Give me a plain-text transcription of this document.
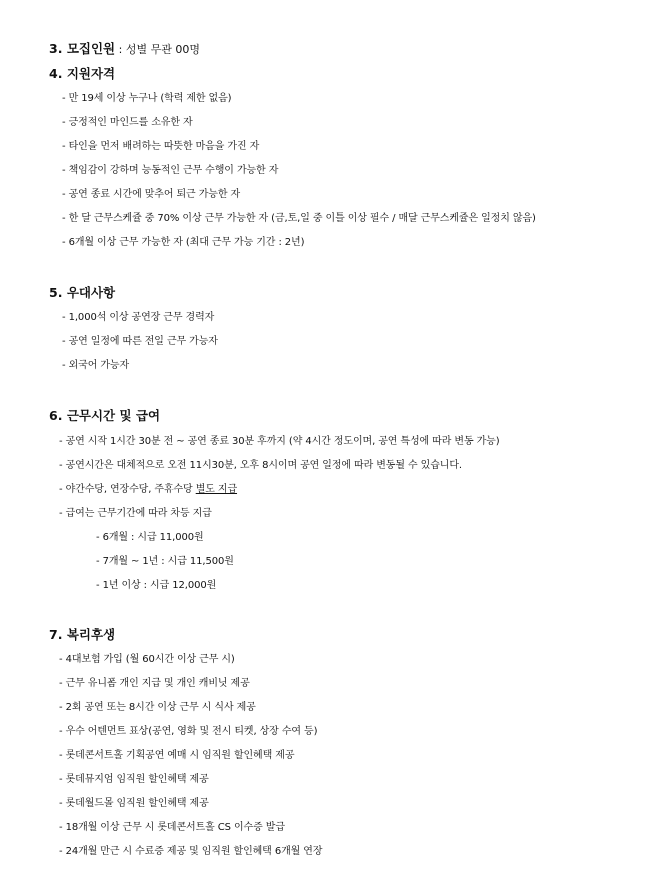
3. 모집인원 : 성별 무관 00명
4. 지원자격
- 만 19세 이상 누구나 (학력 제한 없음)
- 긍정적인 마인드를 소유한 자
- 타인을 먼저 배려하는 따뜻한 마음을 가진 자
- 책임감이 강하며 능동적인 근무 수행이 가능한 자
- 공연 종료 시간에 맞추어 퇴근 가능한 자
- 한 달 근무스케쥴 중 70% 이상 근무 가능한 자 (금,토,일 중 이틀 이상 필수 / 매달 근무스케쥴은 일정치 않음)
- 6개월 이상 근무 가능한 자 (최대 근무 가능 기간 : 2년)
5. 우대사항
- 1,000석 이상 공연장 근무 경력자
- 공연 일정에 따른 전일 근무 가능자
- 외국어 가능자
6. 근무시간 및 급여
- 공연 시작 1시간 30분 전 ~ 공연 종료 30분 후까지 (약 4시간 정도이며, 공연 특성에 따라 변동 가능)
- 공연시간은 대체적으로 오전 11시30분, 오후 8시이며 공연 일정에 따라 변동될 수 있습니다.
- 야간수당, 연장수당, 주휴수당 별도 지급
- 급여는 근무기간에 따라 차등 지급
- 6개월 : 시급 11,000원
- 7개월 ~ 1년 : 시급 11,500원
- 1년 이상 : 시급 12,000원
7. 복리후생
- 4대보험 가입 (월 60시간 이상 근무 시)
- 근무 유니폼 개인 지급 및 개인 캐비닛 제공
- 2회 공연 또는 8시간 이상 근무 시 식사 제공
- 우수 어텐먼트 표상(공연, 영화 및 전시 티켓, 상장 수여 등)
- 롯데콘서트홀 기획공연 예매 시 임직원 할인혜택 제공
- 롯데뮤지엄 임직원 할인혜택 제공
- 롯데월드몰 임직원 할인혜택 제공
- 18개월 이상 근무 시 롯데콘서트홀 CS 이수증 발급
- 24개월 만근 시 수료증 제공 및 임직원 할인혜택 6개월 연장
